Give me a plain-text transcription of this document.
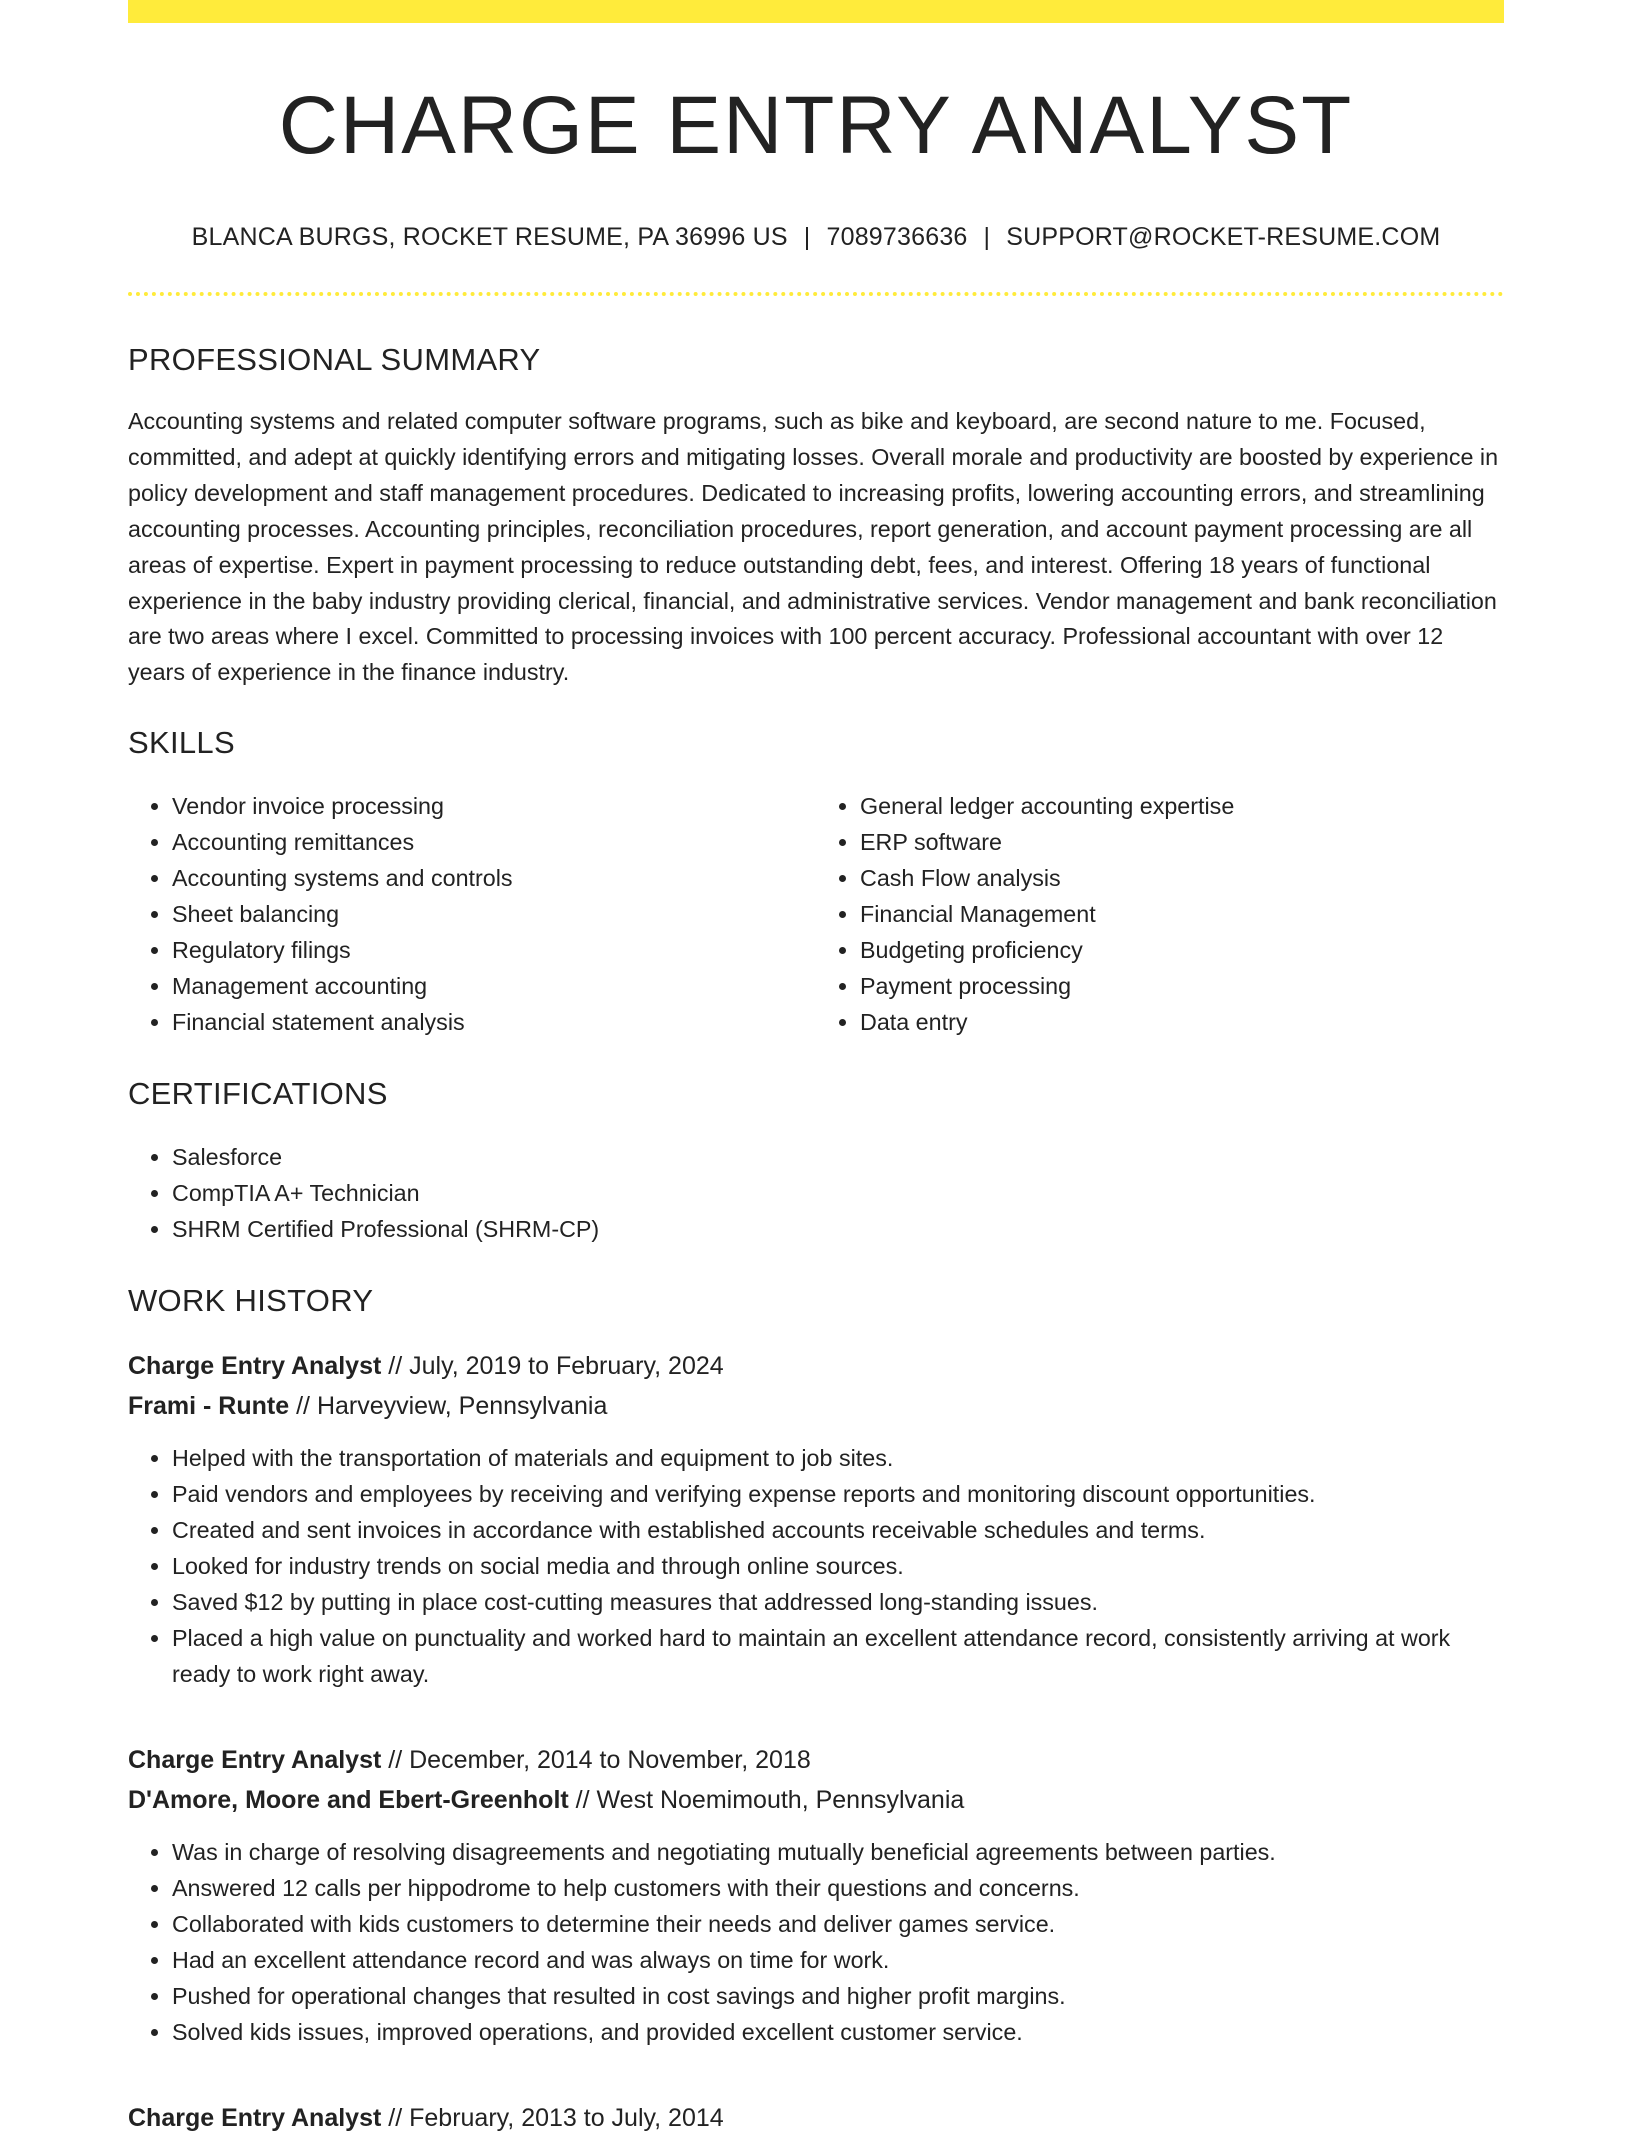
CHARGE ENTRY ANALYST
BLANCA BURGS, ROCKET RESUME, PA 36996 US | 7089736636 | SUPPORT@ROCKET-RESUME.COM
PROFESSIONAL SUMMARY

Accounting systems and related computer software programs, such as bike and keyboard, are second nature to me. Focused, committed, and adept at quickly identifying errors and mitigating losses. Overall morale and productivity are boosted by experience in policy development and staff management procedures. Dedicated to increasing profits, lowering accounting errors, and streamlining accounting processes. Accounting principles, reconciliation procedures, report generation, and account payment processing are all areas of expertise. Expert in payment processing to reduce outstanding debt, fees, and interest. Offering 18 years of functional experience in the baby industry providing clerical, financial, and administrative services. Vendor management and bank reconciliation are two areas where I excel. Committed to processing invoices with 100 percent accuracy. Professional accountant with over 12 years of experience in the finance industry.

SKILLS
• Vendor invoice processing
• Accounting remittances
• Accounting systems and controls
• Sheet balancing
• Regulatory filings
• Management accounting
• Financial statement analysis
• General ledger accounting expertise
• ERP software
• Cash Flow analysis
• Financial Management
• Budgeting proficiency
• Payment processing
• Data entry
CERTIFICATIONS
• Salesforce
• CompTIA A+ Technician
• SHRM Certified Professional (SHRM-CP)
WORK HISTORY
Charge Entry Analyst // July, 2019 to February, 2024
Frami - Runte // Harveyview, Pennsylvania
• Helped with the transportation of materials and equipment to job sites.
• Paid vendors and employees by receiving and verifying expense reports and monitoring discount opportunities.
• Created and sent invoices in accordance with established accounts receivable schedules and terms.
• Looked for industry trends on social media and through online sources.
• Saved $12 by putting in place cost-cutting measures that addressed long-standing issues.
• Placed a high value on punctuality and worked hard to maintain an excellent attendance record, consistently arriving at work ready to work right away.
Charge Entry Analyst // December, 2014 to November, 2018
D'Amore, Moore and Ebert-Greenholt // West Noemimouth, Pennsylvania
• Was in charge of resolving disagreements and negotiating mutually beneficial agreements between parties.
• Answered 12 calls per hippodrome to help customers with their questions and concerns.
• Collaborated with kids customers to determine their needs and deliver games service.
• Had an excellent attendance record and was always on time for work.
• Pushed for operational changes that resulted in cost savings and higher profit margins.
• Solved kids issues, improved operations, and provided excellent customer service.
Charge Entry Analyst // February, 2013 to July, 2014
